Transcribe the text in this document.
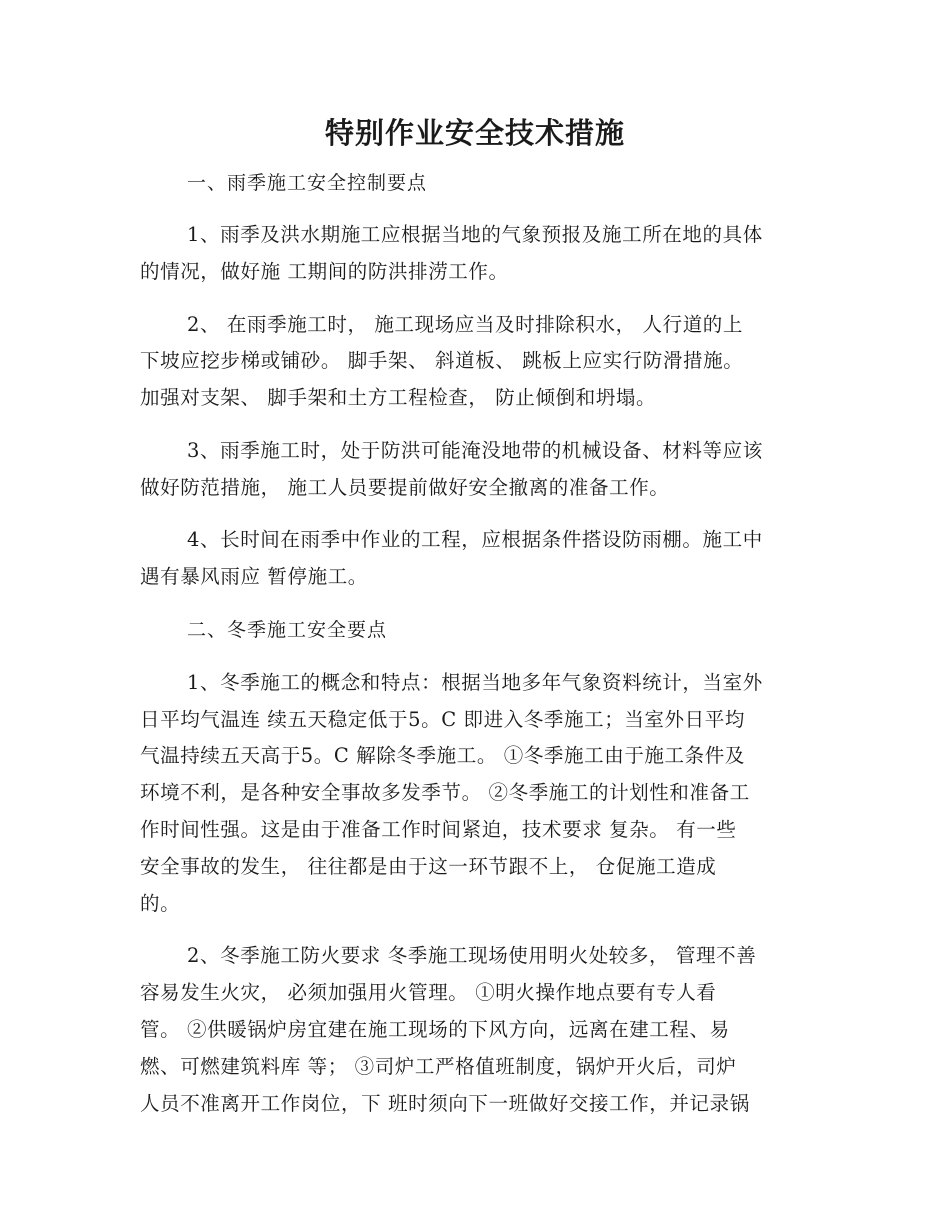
特别作业安全技术措施
一、雨季施工安全控制要点
1、雨季及洪水期施工应根据当地的气象预报及施工所在地的具体
的情况，做好施 工期间的防洪排涝工作。
2、 在雨季施工时， 施工现场应当及时排除积水， 人行道的上
下坡应挖步梯或铺砂。 脚手架、 斜道板、 跳板上应实行防滑措施。
加强对支架、 脚手架和土方工程检查， 防止倾倒和坍塌。
3、雨季施工时，处于防洪可能淹没地带的机械设备、材料等应该
做好防范措施， 施工人员要提前做好安全撤离的准备工作。
4、长时间在雨季中作业的工程，应根据条件搭设防雨棚。施工中
遇有暴风雨应 暂停施工。
二、冬季施工安全要点
1、冬季施工的概念和特点：根据当地多年气象资料统计，当室外
日平均气温连 续五天稳定低于5。C 即进入冬季施工；当室外日平均
气温持续五天高于5。C 解除冬季施工。 ①冬季施工由于施工条件及
环境不利，是各种安全事故多发季节。 ②冬季施工的计划性和准备工
作时间性强。这是由于准备工作时间紧迫，技术要求 复杂。 有一些
安全事故的发生， 往往都是由于这一环节跟不上， 仓促施工造成
的。
2、冬季施工防火要求 冬季施工现场使用明火处较多， 管理不善
容易发生火灾， 必须加强用火管理。 ①明火操作地点要有专人看
管。 ②供暖锅炉房宜建在施工现场的下风方向，远离在建工程、易
燃、可燃建筑料库 等； ③司炉工严格值班制度，锅炉开火后，司炉
人员不准离开工作岗位，下 班时须向下一班做好交接工作，并记录锅
